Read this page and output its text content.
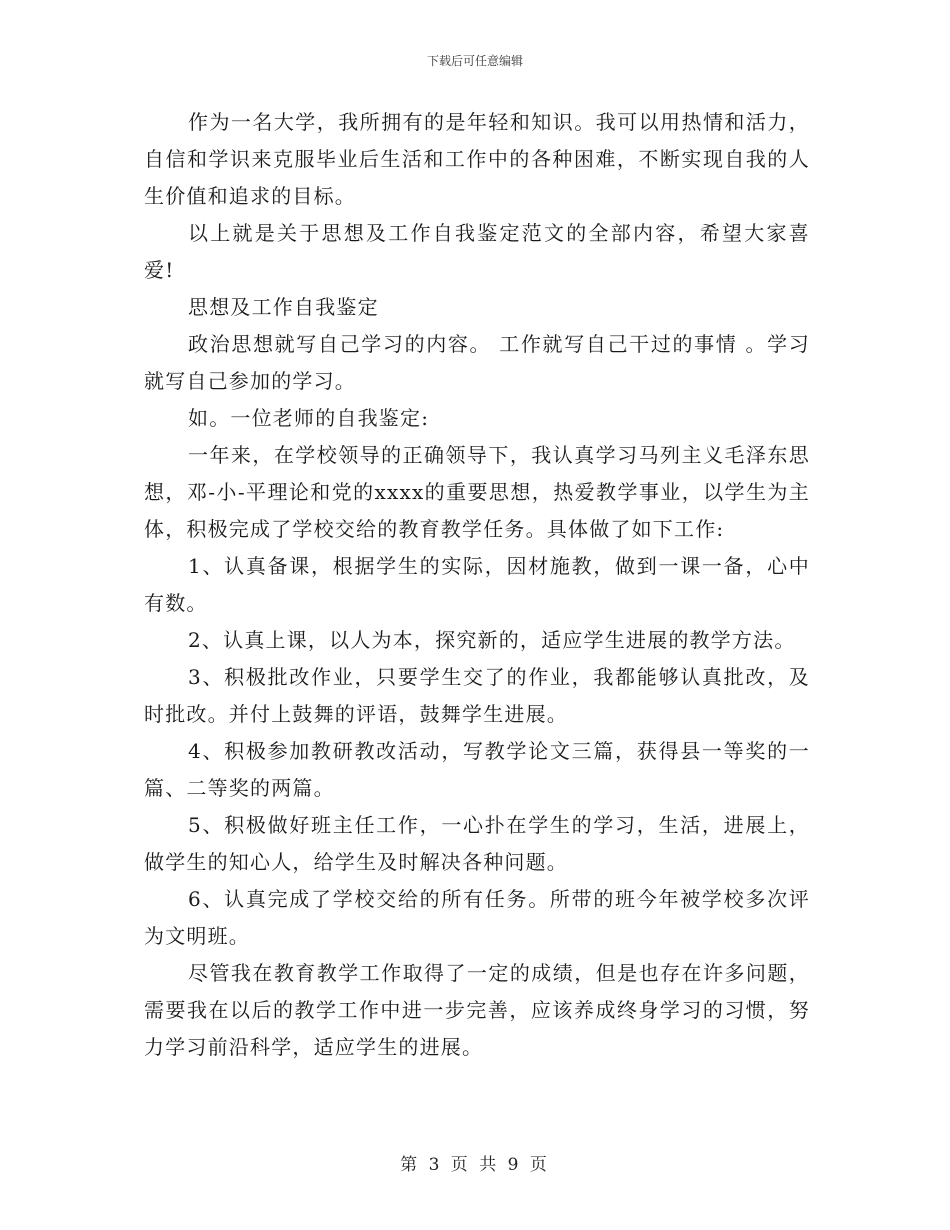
下载后可任意编辑

作为一名大学，我所拥有的是年轻和知识。我可以用热情和活力，自信和学识来克服毕业后生活和工作中的各种困难，不断实现自我的人生价值和追求的目标。

以上就是关于思想及工作自我鉴定范文的全部内容，希望大家喜爱!

思想及工作自我鉴定

政治思想就写自己学习的内容。 工作就写自己干过的事情 。学习就写自己参加的学习。

如。一位老师的自我鉴定:

一年来，在学校领导的正确领导下，我认真学习马列主义毛泽东思想，邓-小-平理论和党的xxxx的重要思想，热爱教学事业，以学生为主体，积极完成了学校交给的教育教学任务。具体做了如下工作:

1、认真备课，根据学生的实际，因材施教，做到一课一备，心中有数。

2、认真上课，以人为本，探究新的，适应学生进展的教学方法。

3、积极批改作业，只要学生交了的作业，我都能够认真批改，及时批改。并付上鼓舞的评语，鼓舞学生进展。

4、积极参加教研教改活动，写教学论文三篇，获得县一等奖的一篇、二等奖的两篇。

5、积极做好班主任工作，一心扑在学生的学习，生活，进展上，做学生的知心人，给学生及时解决各种问题。

6、认真完成了学校交给的所有任务。所带的班今年被学校多次评为文明班。

尽管我在教育教学工作取得了一定的成绩，但是也存在许多问题，需要我在以后的教学工作中进一步完善，应该养成终身学习的习惯，努力学习前沿科学，适应学生的进展。

第 3 页 共 9 页
